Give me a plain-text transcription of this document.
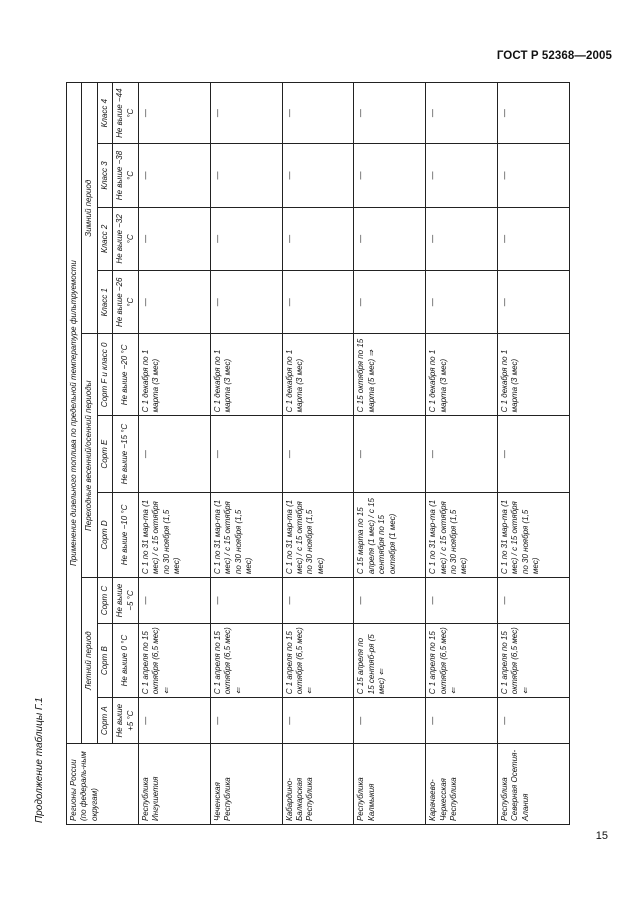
ГОСТ Р 52368—2005
Продолжение таблицы Г.1	Регионы России (по федераль-ным округам)	Применение дизельного топлива по предельной температуре фильтруемости									
	Летний период			Переходные весенний/осенний периоды			Зимний период			
	Сорт A	Сорт B	Сорт C	Сорт D	Сорт E	Сорт F и класс 0	Класс 1	Класс 2	Класс 3	Класс 4
	Не выше +5 °C	Не выше 0 °C	Не выше −5 °C	Не выше −10 °C	Не выше −15 °C	Не выше −20 °C	Не выше −26 °C	Не выше −32 °C	Не выше −38 °C	Не выше −44 °C
Республика Ингушетия	—	С 1 апреля по 15 октября (6,5 мес) ⇐	—	С 1 по 31 мар-та (1 мес) / с 15 октября по 30 ноября (1,5 мес)	—	С 1 декабря по 1 марта (3 мес)	—	—	—	—
Чеченская Республика	—	С 1 апреля по 15 октября (6,5 мес) ⇐	—	С 1 по 31 мар-та (1 мес) / с 15 октября по 30 ноября (1,5 мес)	—	С 1 декабря по 1 марта (3 мес)	—	—	—	—
Кабардино-Балкарская Республика	—	С 1 апреля по 15 октября (6,5 мес) ⇐	—	С 1 по 31 мар-та (1 мес) / с 15 октября по 30 ноября (1,5 мес)	—	С 1 декабря по 1 марта (3 мес)	—	—	—	—
Республика Калмыкия	—	С 15 апреля по 15 сентяб-ря (5 мес) ⇐	—	С 15 марта по 15 апреля (1 мес) / с 15 сентября по 15 октября (1 мес)	—	С 15 октября по 15 марта (5 мес) ⇒	—	—	—	—
Карачаево-Черкесская Республика	—	С 1 апреля по 15 октября (6,5 мес) ⇐	—	С 1 по 31 мар-та (1 мес) / с 15 октября по 30 ноября (1,5 мес)	—	С 1 декабря по 1 марта (3 мес)	—	—	—	—
Республика Северная Осетия-Алания	—	С 1 апреля по 15 октября (6,5 мес) ⇐	—	С 1 по 31 мар-та (1 мес) / с 15 октября по 30 ноября (1,5 мес)	—	С 1 декабря по 1 марта (3 мес)	—	—	—	—
15
